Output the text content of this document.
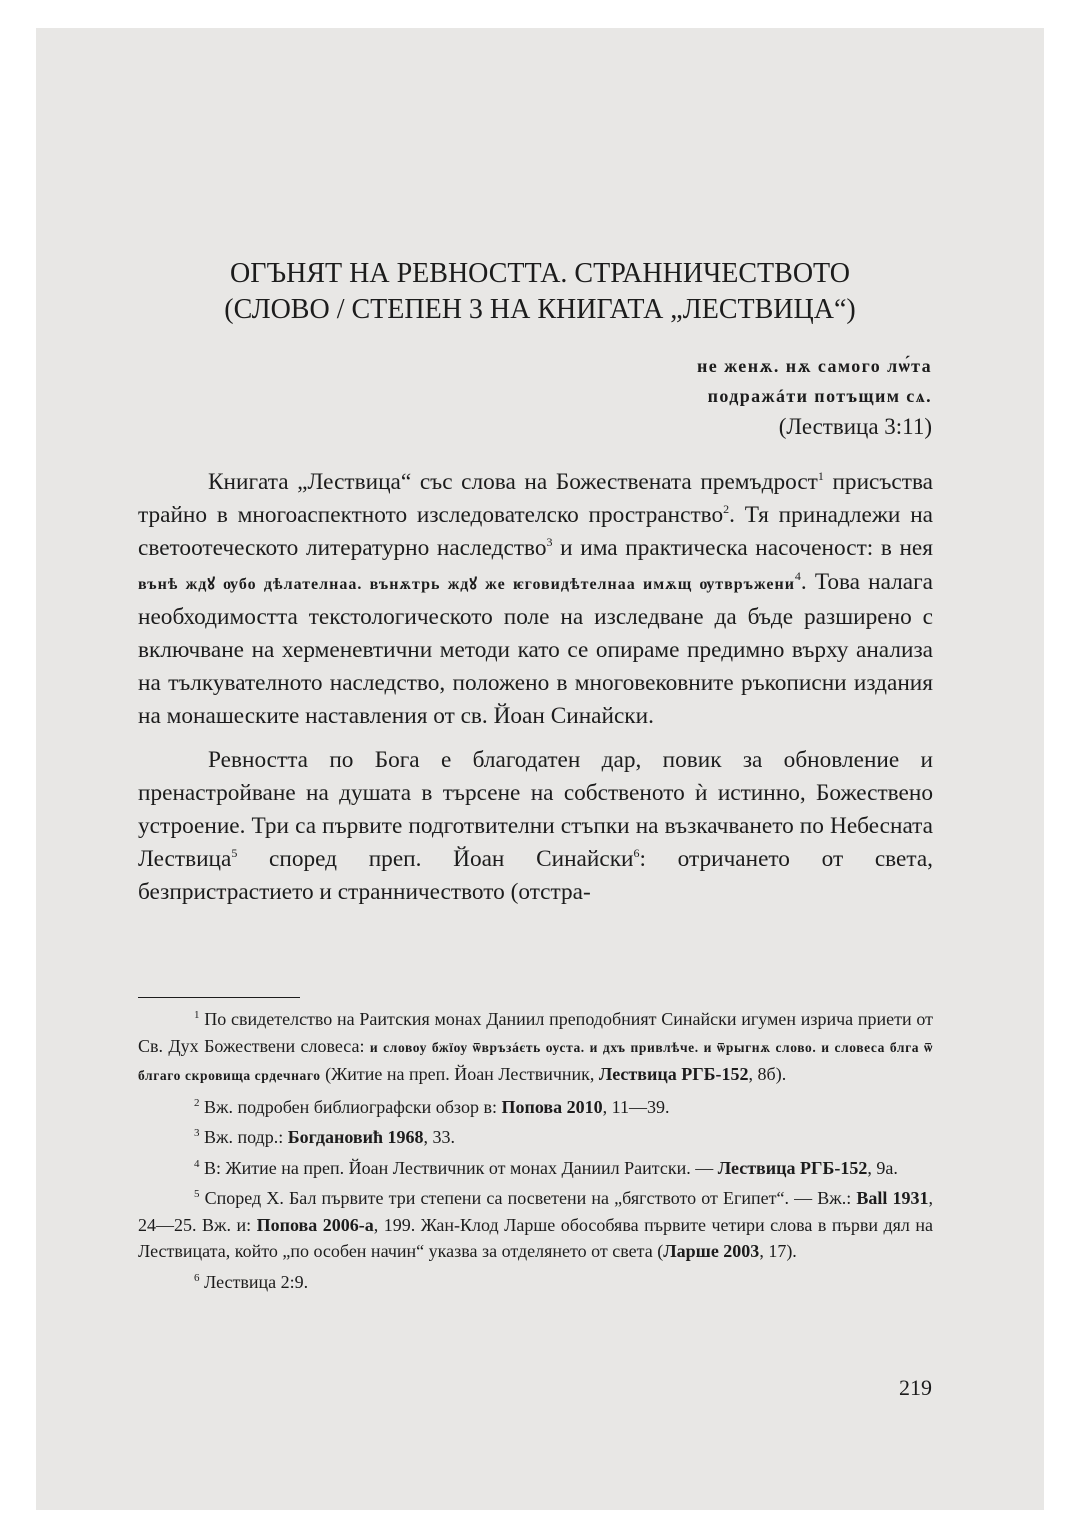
ОГЪНЯТ НА РЕВНОСТТА. СТРАННИЧЕСТВОТО
(СЛОВО / СТЕПЕН 3 НА КНИГАТА „ЛЕСТВИЦА“)
не женѫ. нѫ самого лѡ́та
подражáти потъщим сѧ.
(Лествица 3:11)

Книгата „Лествица“ със слова на Божествената премъдрост$^1$ присъства трайно в многоаспектното изследователско пространство$^2$. Тя принадлежи на светоотеческото литературно наследство$^3$ и има практическа насоченост: в нея вънѣ ждꙋ ѹбо дѣлателнаа. вънѫтрь ждꙋ же ѥговидѣтелнаа имѫщ ѹтвръжени$^4$. Това налага необходимостта текстологическото поле на изследване да бъде разширено с включване на херменевтични методи като се опираме предимно върху анализа на тълкувателното наследство, положено в многовековните ръкописни издания на монашеските наставления от св. Йоан Синайски.

Ревността по Бога е благодатен дар, повик за обновление и пренастройване на душата в търсене на собственото ѝ истинно, Божествено устроение. Три са първите подготвителни стъпки на възкачването по Небесната Лествица$^5$ според преп. Йоан Синайски$^6$: отричането от света, безпристрастието и странничеството (отстра-

$^1$ По свидетелство на Раитския монах Даниил преподобният Синайски игумен изрича приети от Св. Дух Божествени словеса: и словоу бжїоу ѿвръзáєть оуста. и дхъ привлѣче. и ѿрыгнѫ слово. и словеса блга ѿ блгаго скровища срдечнаго (Житие на преп. Йоан Лествичник, Лествица РГБ-152, 8б).

$^2$ Вж. подробен библиографски обзор в: Попова 2010, 11—39.

$^3$ Вж. подр.: Богдановић 1968, 33.

$^4$ В: Житие на преп. Йоан Лествичник от монах Даниил Раитски. — Лествица РГБ-152, 9а.

$^5$ Според Х. Бал първите три степени са посветени на „бягството от Египет“. — Вж.: Ball 1931, 24—25. Вж. и: Попова 2006-а, 199. Жан-Клод Ларше обособява първите четири слова в първи дял на Лествицата, който „по особен начин“ указва за отделянето от света (Ларше 2003, 17).

$^6$ Лествица 2:9.

219
